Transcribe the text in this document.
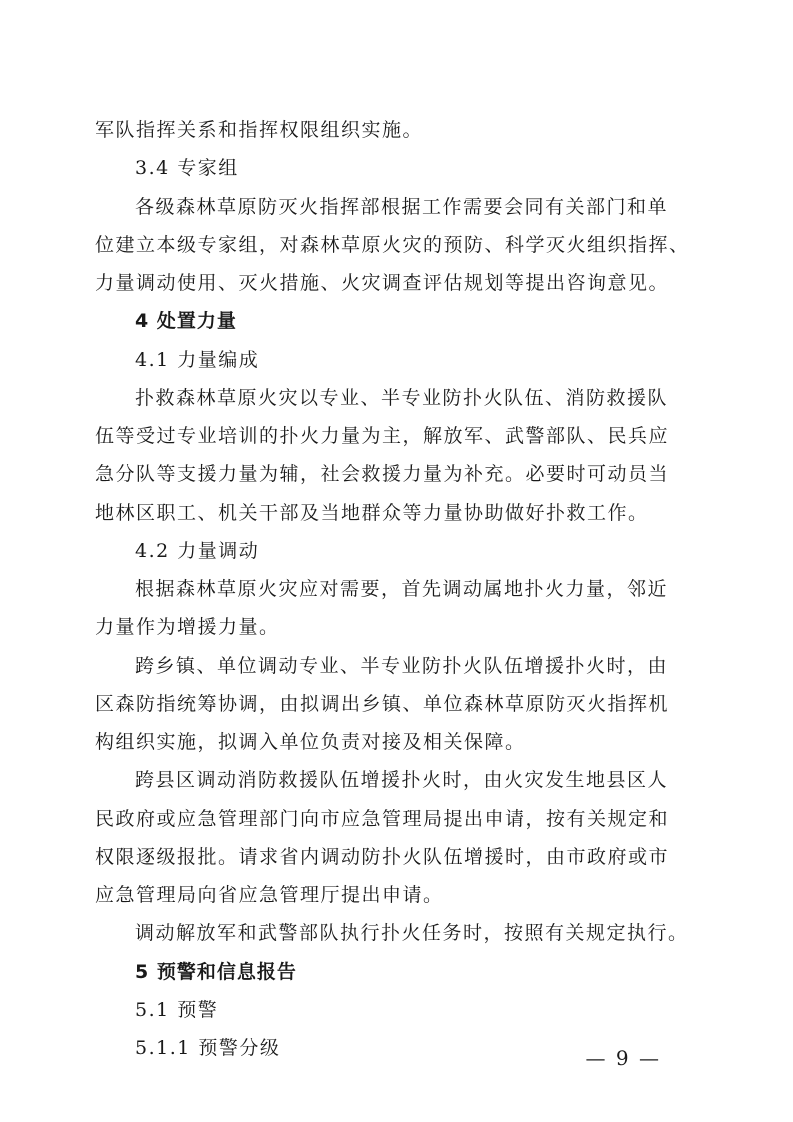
军队指挥关系和指挥权限组织实施。
3.4 专家组
各级森林草原防灭火指挥部根据工作需要会同有关部门和单
位建立本级专家组，对森林草原火灾的预防、科学灭火组织指挥、
力量调动使用、灭火措施、火灾调查评估规划等提出咨询意见。
4 处置力量
4.1 力量编成
扑救森林草原火灾以专业、半专业防扑火队伍、消防救援队
伍等受过专业培训的扑火力量为主，解放军、武警部队、民兵应
急分队等支援力量为辅，社会救援力量为补充。必要时可动员当
地林区职工、机关干部及当地群众等力量协助做好扑救工作。
4.2 力量调动
根据森林草原火灾应对需要，首先调动属地扑火力量，邻近
力量作为增援力量。
跨乡镇、单位调动专业、半专业防扑火队伍增援扑火时，由
区森防指统筹协调，由拟调出乡镇、单位森林草原防灭火指挥机
构组织实施，拟调入单位负责对接及相关保障。
跨县区调动消防救援队伍增援扑火时，由火灾发生地县区人
民政府或应急管理部门向市应急管理局提出申请，按有关规定和
权限逐级报批。请求省内调动防扑火队伍增援时，由市政府或市
应急管理局向省应急管理厅提出申请。
调动解放军和武警部队执行扑火任务时，按照有关规定执行。
5 预警和信息报告
5.1 预警
5.1.1 预警分级	— 9 —
